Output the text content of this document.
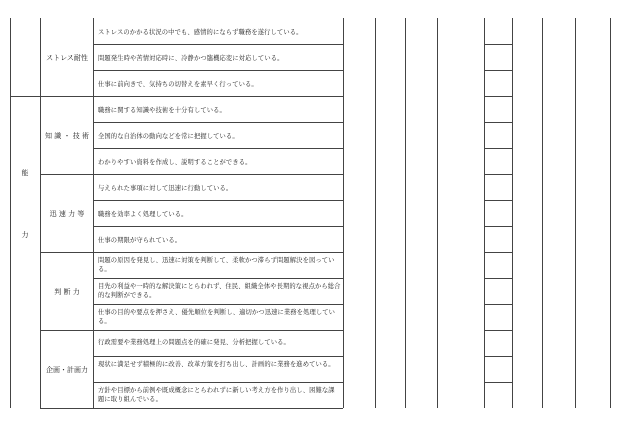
能
力
ストレス耐性
知 識 ・ 技 術
迅 速 力 等
判 断 力
企画・計画力
ストレスのかかる状況の中でも、感情的にならず職務を遂行している。
問題発生時や苦情対応時に、冷静かつ臨機応変に対応している。
仕事に前向きで、気持ちの切替えを素早く行っている。
職務に関する知識や技術を十分有している。
全国的な自治体の動向などを常に把握している。
わかりやすい資料を作成し、説明することができる。
与えられた事項に対して迅速に行動している。
職務を効率よく処理している。
仕事の期限が守られている。
問題の原因を発見し、迅速に対策を判断して、柔軟かつ滞らず問題解決を図っている。
目先の利益や一時的な解決策にとらわれず、住民、組織全体や長期的な視点から総合的な判断ができる。
仕事の目的や要点を押さえ、優先順位を判断し、適切かつ迅速に業務を処理している。
行政需要や業務処理上の問題点を的確に発見、分析把握している。
現状に満足せず積極的に改善、改革方策を打ち出し、計画的に業務を進めている。
方針や目標から前例や既成概念にとらわれずに新しい考え方を作り出し、困難な課題に取り組んでいる。
